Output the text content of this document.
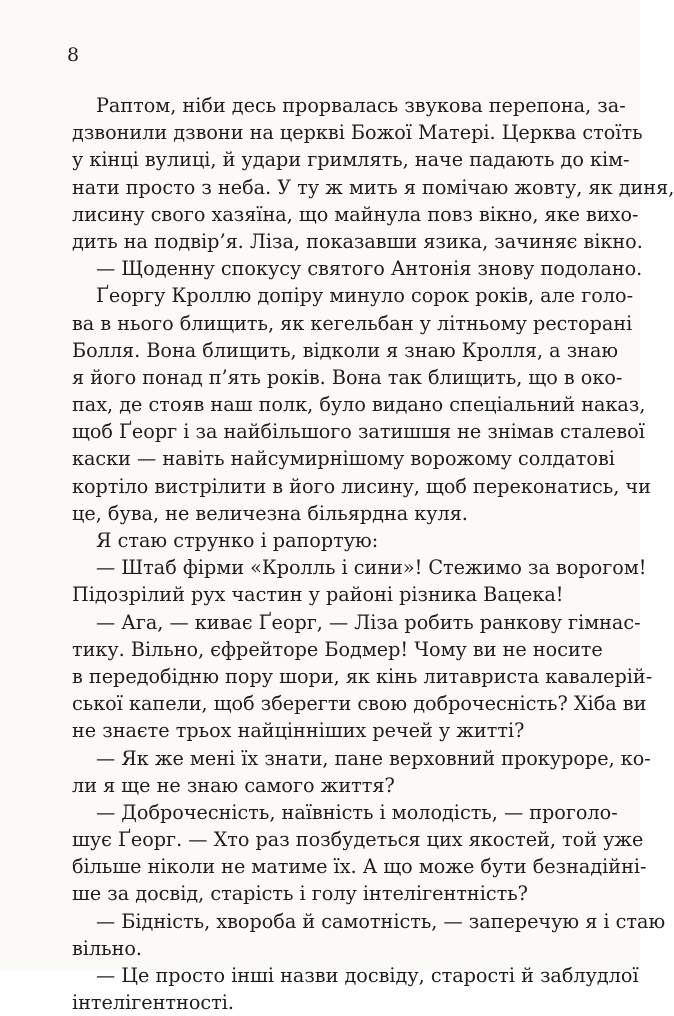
8
Раптом, ніби десь прорвалась звукова перепона, за-
дзвонили дзвони на церкві Божої Матері. Церква стоїть
у кінці вулиці, й удари гримлять, наче падають до кім-
нати просто з неба. У ту ж мить я помічаю жовту, як диня,
лисину свого хазяїна, що майнула повз вікно, яке вихо-
дить на подвір’я. Ліза, показавши язика, зачиняє вікно.
— Щоденну спокусу святого Антонія знову подолано.
Ґеоргу Кроллю допіру минуло сорок років, але голо-
ва в нього блищить, як кегельбан у літньому ресторані
Болля. Вона блищить, відколи я знаю Кролля, а знаю
я його понад п’ять років. Вона так блищить, що в око-
пах, де стояв наш полк, було видано спеціальний наказ,
щоб Ґеорг і за найбільшого затишшя не знімав сталевої
каски — навіть найсумирнішому ворожому солдатові
кортіло вистрілити в його лисину, щоб переконатись, чи
це, бува, не величезна більярдна куля.
Я стаю струнко і рапортую:
— Штаб фірми «Кролль і сини»! Стежимо за ворогом!
Підозрілий рух частин у районі різника Вацека!
— Ага, — киває Ґеорг, — Ліза робить ранкову гімнас-
тику. Вільно, єфрейторе Бодмер! Чому ви не носите
в передобідню пору шори, як кінь литавриста кавалерій-
ської капели, щоб зберегти свою доброчесність? Хіба ви
не знаєте трьох найцінніших речей у житті?
— Як же мені їх знати, пане верховний прокуроре, ко-
ли я ще не знаю самого життя?
— Доброчесність, наївність і молодість, — проголо-
шує Ґеорг. — Хто раз позбудеться цих якостей, той уже
більше ніколи не матиме їх. А що може бути безнадійні-
ше за досвід, старість і голу інтелігентність?
— Бідність, хвороба й самотність, — заперечую я і стаю
вільно.
— Це просто інші назви досвіду, старості й заблудлої
інтелігентності.
